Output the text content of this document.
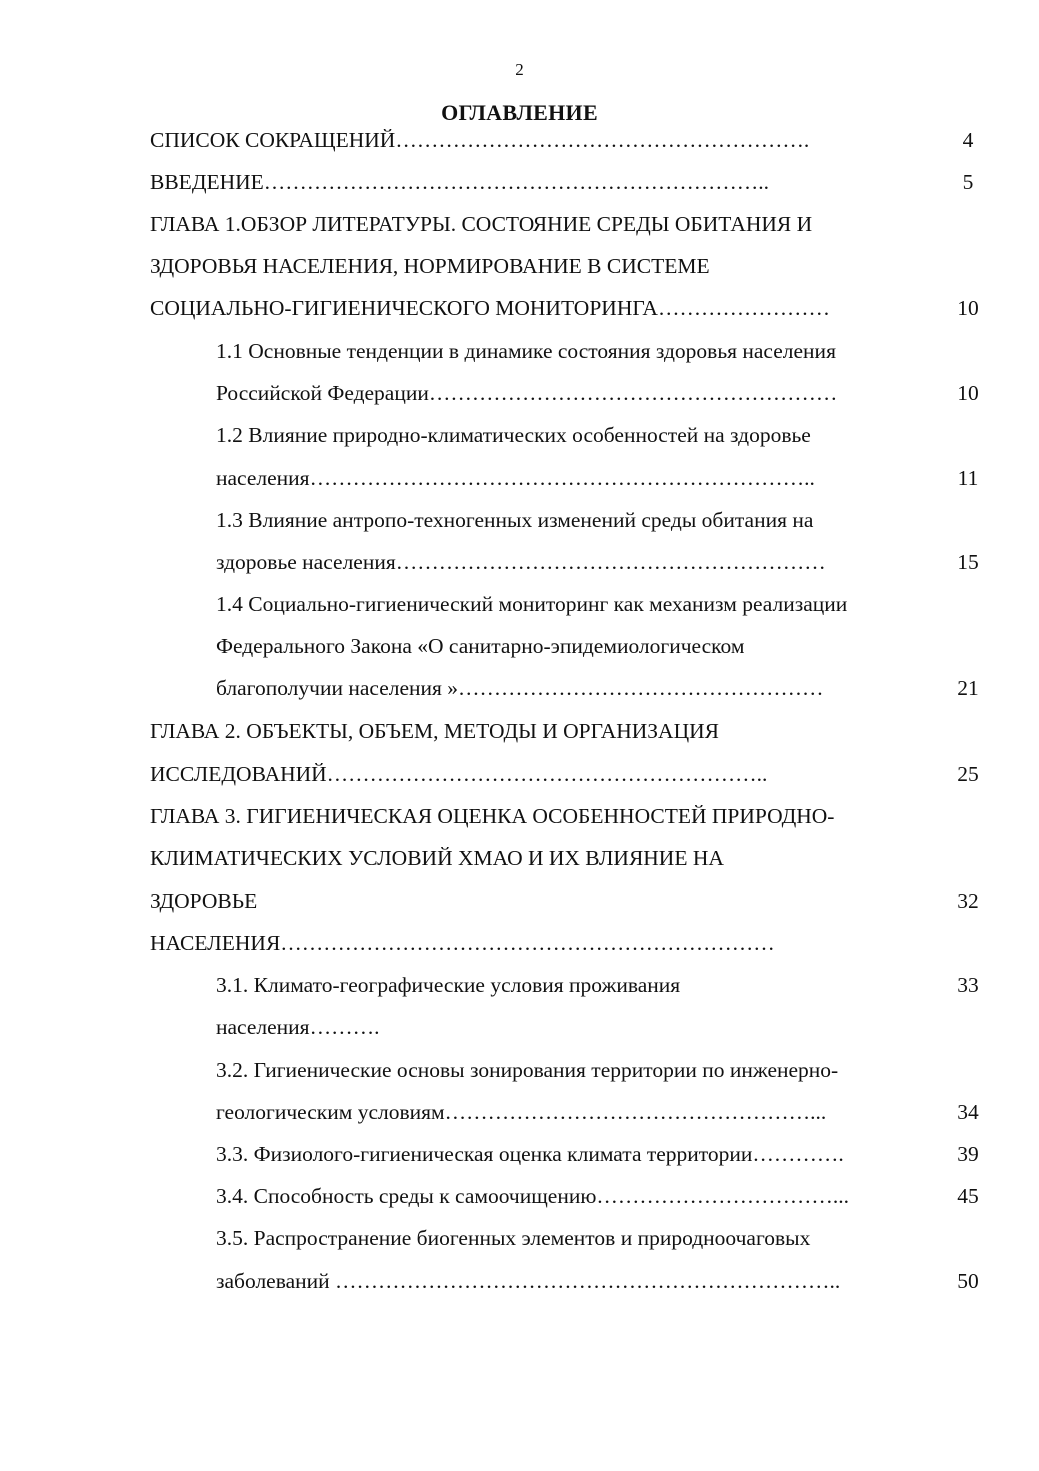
2
ОГЛАВЛЕНИЕ
СПИСОК СОКРАЩЕНИЙ………………………………………………….	4
ВВЕДЕНИЕ……………………………………………………………..	5
ГЛАВА 1.ОБЗОР ЛИТЕРАТУРЫ. СОСТОЯНИЕ СРЕДЫ ОБИТАНИЯ И
ЗДОРОВЬЯ НАСЕЛЕНИЯ, НОРМИРОВАНИЕ В СИСТЕМЕ
СОЦИАЛЬНО-ГИГИЕНИЧЕСКОГО МОНИТОРИНГА……………………	10
1.1 Основные тенденции в динамике состояния здоровья населения
Российской Федерации…………………………………………………	10
1.2 Влияние природно-климатических особенностей на здоровье
населения……………………………………………………………..	11
1.3 Влияние антропо-техногенных изменений среды обитания на
здоровье населения……………………………………………………	15
1.4 Социально-гигиенический мониторинг как механизм реализации
Федерального Закона «О санитарно-эпидемиологическом
благополучии населения »……………………………………………	21
ГЛАВА 2. ОБЪЕКТЫ, ОБЪЕМ, МЕТОДЫ И ОРГАНИЗАЦИЯ
ИССЛЕДОВАНИЙ……………………………………………………..	25
ГЛАВА 3. ГИГИЕНИЧЕСКАЯ ОЦЕНКА ОСОБЕННОСТЕЙ ПРИРОДНО-
КЛИМАТИЧЕСКИХ УСЛОВИЙ ХМАО И ИХ ВЛИЯНИЕ НА
ЗДОРОВЬЕ	32
НАСЕЛЕНИЯ……………………………………………………………
3.1. Климато-географические условия проживания	33
населения……….
3.2. Гигиенические основы зонирования территории по инженерно-
геологическим условиям……………………………………………...	34
3.3. Физиолого-гигиеническая оценка климата территории………….	39
3.4. Способность среды к самоочищению……………………………...	45
3.5. Распространение биогенных элементов и природноочаговых
заболеваний ……………………………………………………………..	50
